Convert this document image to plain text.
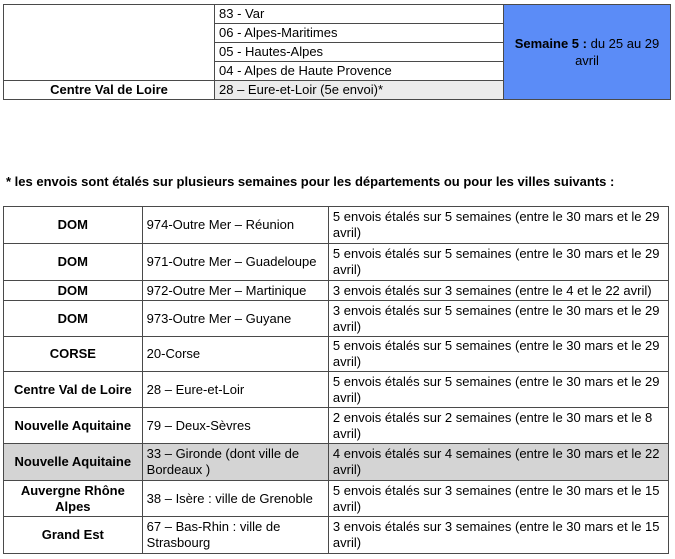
	83 - Var	Semaine 5 : du 25 au 29 avril
	06 - Alpes-Maritimes	
	05 - Hautes-Alpes	
	04 - Alpes de Haute Provence	
Centre Val de Loire	28 – Eure-et-Loir (5e envoi)*	
* les envois sont étalés sur plusieurs semaines pour les départements ou pour les villes suivants :
DOM	974-Outre Mer – Réunion	5 envois étalés sur 5 semaines (entre le 30 mars et le 29 avril)
DOM	971-Outre Mer – Guadeloupe	5 envois étalés sur 5 semaines (entre le 30 mars et le 29 avril)
DOM	972-Outre Mer – Martinique	3 envois étalés sur 3 semaines (entre le 4 et le 22 avril)
DOM	973-Outre Mer – Guyane	3 envois étalés sur 5 semaines (entre le 30 mars et le 29 avril)
CORSE	20-Corse	5 envois étalés sur 5 semaines (entre le 30 mars et le 29 avril)
Centre Val de Loire	28 – Eure-et-Loir	5 envois étalés sur 5 semaines (entre le 30 mars et le 29 avril)
Nouvelle Aquitaine	79 – Deux-Sèvres	2 envois étalés sur 2 semaines (entre le 30 mars et le 8 avril)
Nouvelle Aquitaine	33 – Gironde (dont ville de Bordeaux )	4 envois étalés sur 4 semaines (entre le 30 mars et le 22 avril)
Auvergne Rhône Alpes	38 – Isère : ville de Grenoble	5 envois étalés sur 3 semaines (entre le 30 mars et le 15 avril)
Grand Est	67 – Bas-Rhin : ville de Strasbourg	3 envois étalés sur 3 semaines (entre le 30 mars et le 15 avril)
